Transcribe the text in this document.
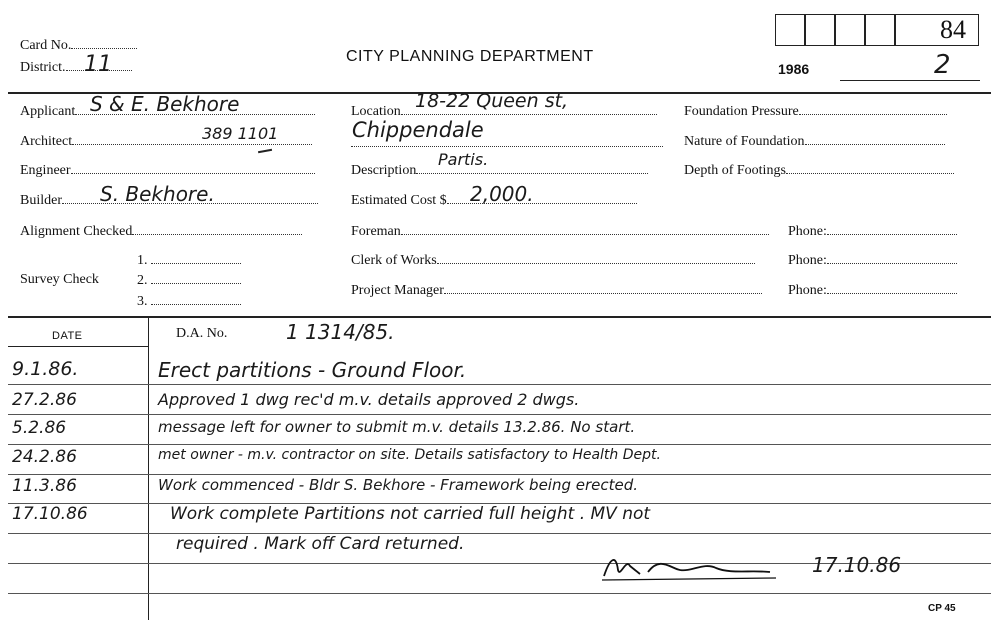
Card No.
District. 11	CITY PLANNING DEPARTMENT
84
1986	2
Applicant S & E. Bekhore
Architect	389 1101
Engineer
Builder	S. Bekhore.
Alignment Checked
Survey Check
1.
2.
3.
Location 18-22 Queen st,
Chippendale
Description
Partis.
Estimated Cost $	2,000.
Foreman
Clerk of Works
Project Manager
Foundation Pressure
Nature of Foundation
Depth of Footings
Phone:
Phone:
Phone:
DATE	D.A. No.	1 1314/85.
9.1.86.	Erect partitions - Ground Floor.
27.2.86	Approved 1 dwg rec'd m.v. details approved 2 dwgs.
5.2.86	message left for owner to submit m.v. details 13.2.86. No start.
24.2.86	met owner - m.v. contractor on site. Details satisfactory to Health Dept.
11.3.86	Work commenced - Bldr S. Bekhore - Framework being erected.
17.10.86	Work complete Partitions not carried full height . MV not
required . Mark off Card returned.
17.10.86
CP 45
